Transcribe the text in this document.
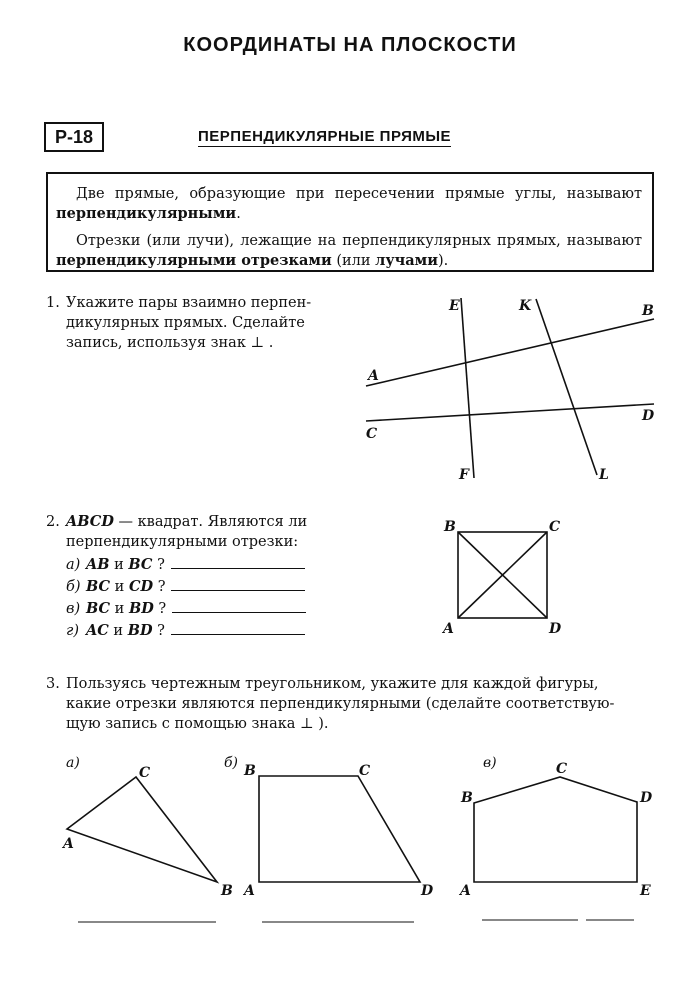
КООРДИНАТЫ НА ПЛОСКОСТИ
Р-18	ПЕРПЕНДИКУЛЯРНЫЕ ПРЯМЫЕ

Две прямые, образующие при пересечении прямые углы, называют перпендикулярными.

Отрезки (или лучи), лежащие на перпендикулярных прямых, называют перпендикулярными отрезками (или лучами).

1. Укажите пары взаимно перпен-
дикулярных прямых. Сделайте
запись, используя знак ⊥ .
A
B
C
D
E
F
K
L
B	C
A	D
а)	б)	в)
C
A
B
B	C
A	D
B
C
D
A	E
2. ABCD — квадрат. Являются ли
перпендикулярными отрезки:
а) AB и BC ?
б) BC и CD ?
в) BC и BD ?
г) AC и BD ?
3. Пользуясь чертежным треугольником, укажите для каждой фигуры,
какие отрезки являются перпендикулярными (сделайте соответствую-
щую запись с помощью знака ⊥ ).
